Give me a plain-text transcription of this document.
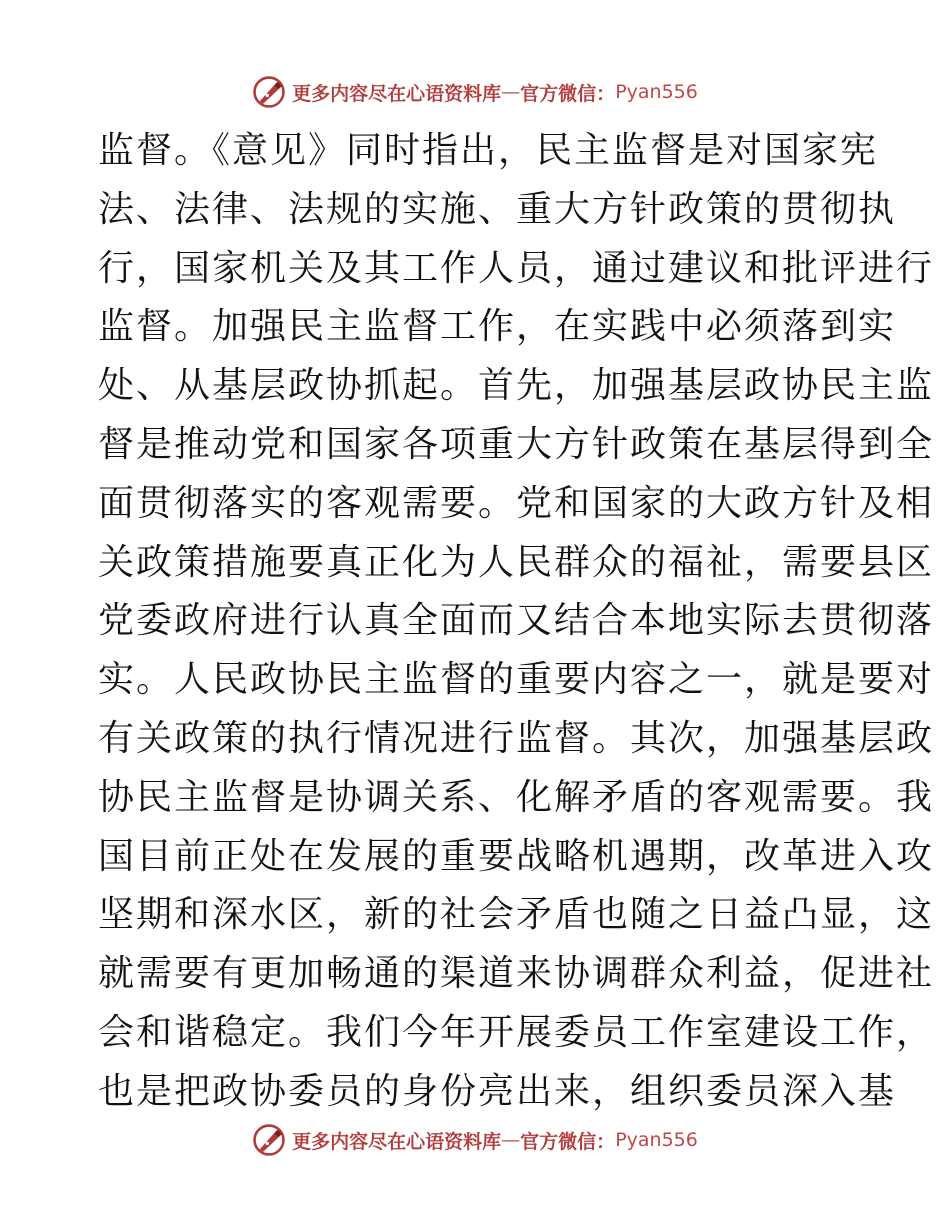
更多内容尽在心语资料库 — 官方微信： Pyan556
监督。《意见》同时指出，民主监督是对国家宪
法、法律、法规的实施、重大方针政策的贯彻执
行，国家机关及其工作人员，通过建议和批评进行
监督。加强民主监督工作，在实践中必须落到实
处、从基层政协抓起。首先，加强基层政协民主监
督是推动党和国家各项重大方针政策在基层得到全
面贯彻落实的客观需要。党和国家的大政方针及相
关政策措施要真正化为人民群众的福祉，需要县区
党委政府进行认真全面而又结合本地实际去贯彻落
实。人民政协民主监督的重要内容之一，就是要对
有关政策的执行情况进行监督。其次，加强基层政
协民主监督是协调关系、化解矛盾的客观需要。我
国目前正处在发展的重要战略机遇期，改革进入攻
坚期和深水区，新的社会矛盾也随之日益凸显，这
就需要有更加畅通的渠道来协调群众利益，促进社
会和谐稳定。我们今年开展委员工作室建设工作，
也是把政协委员的身份亮出来，组织委员深入基
更多内容尽在心语资料库 — 官方微信： Pyan556
